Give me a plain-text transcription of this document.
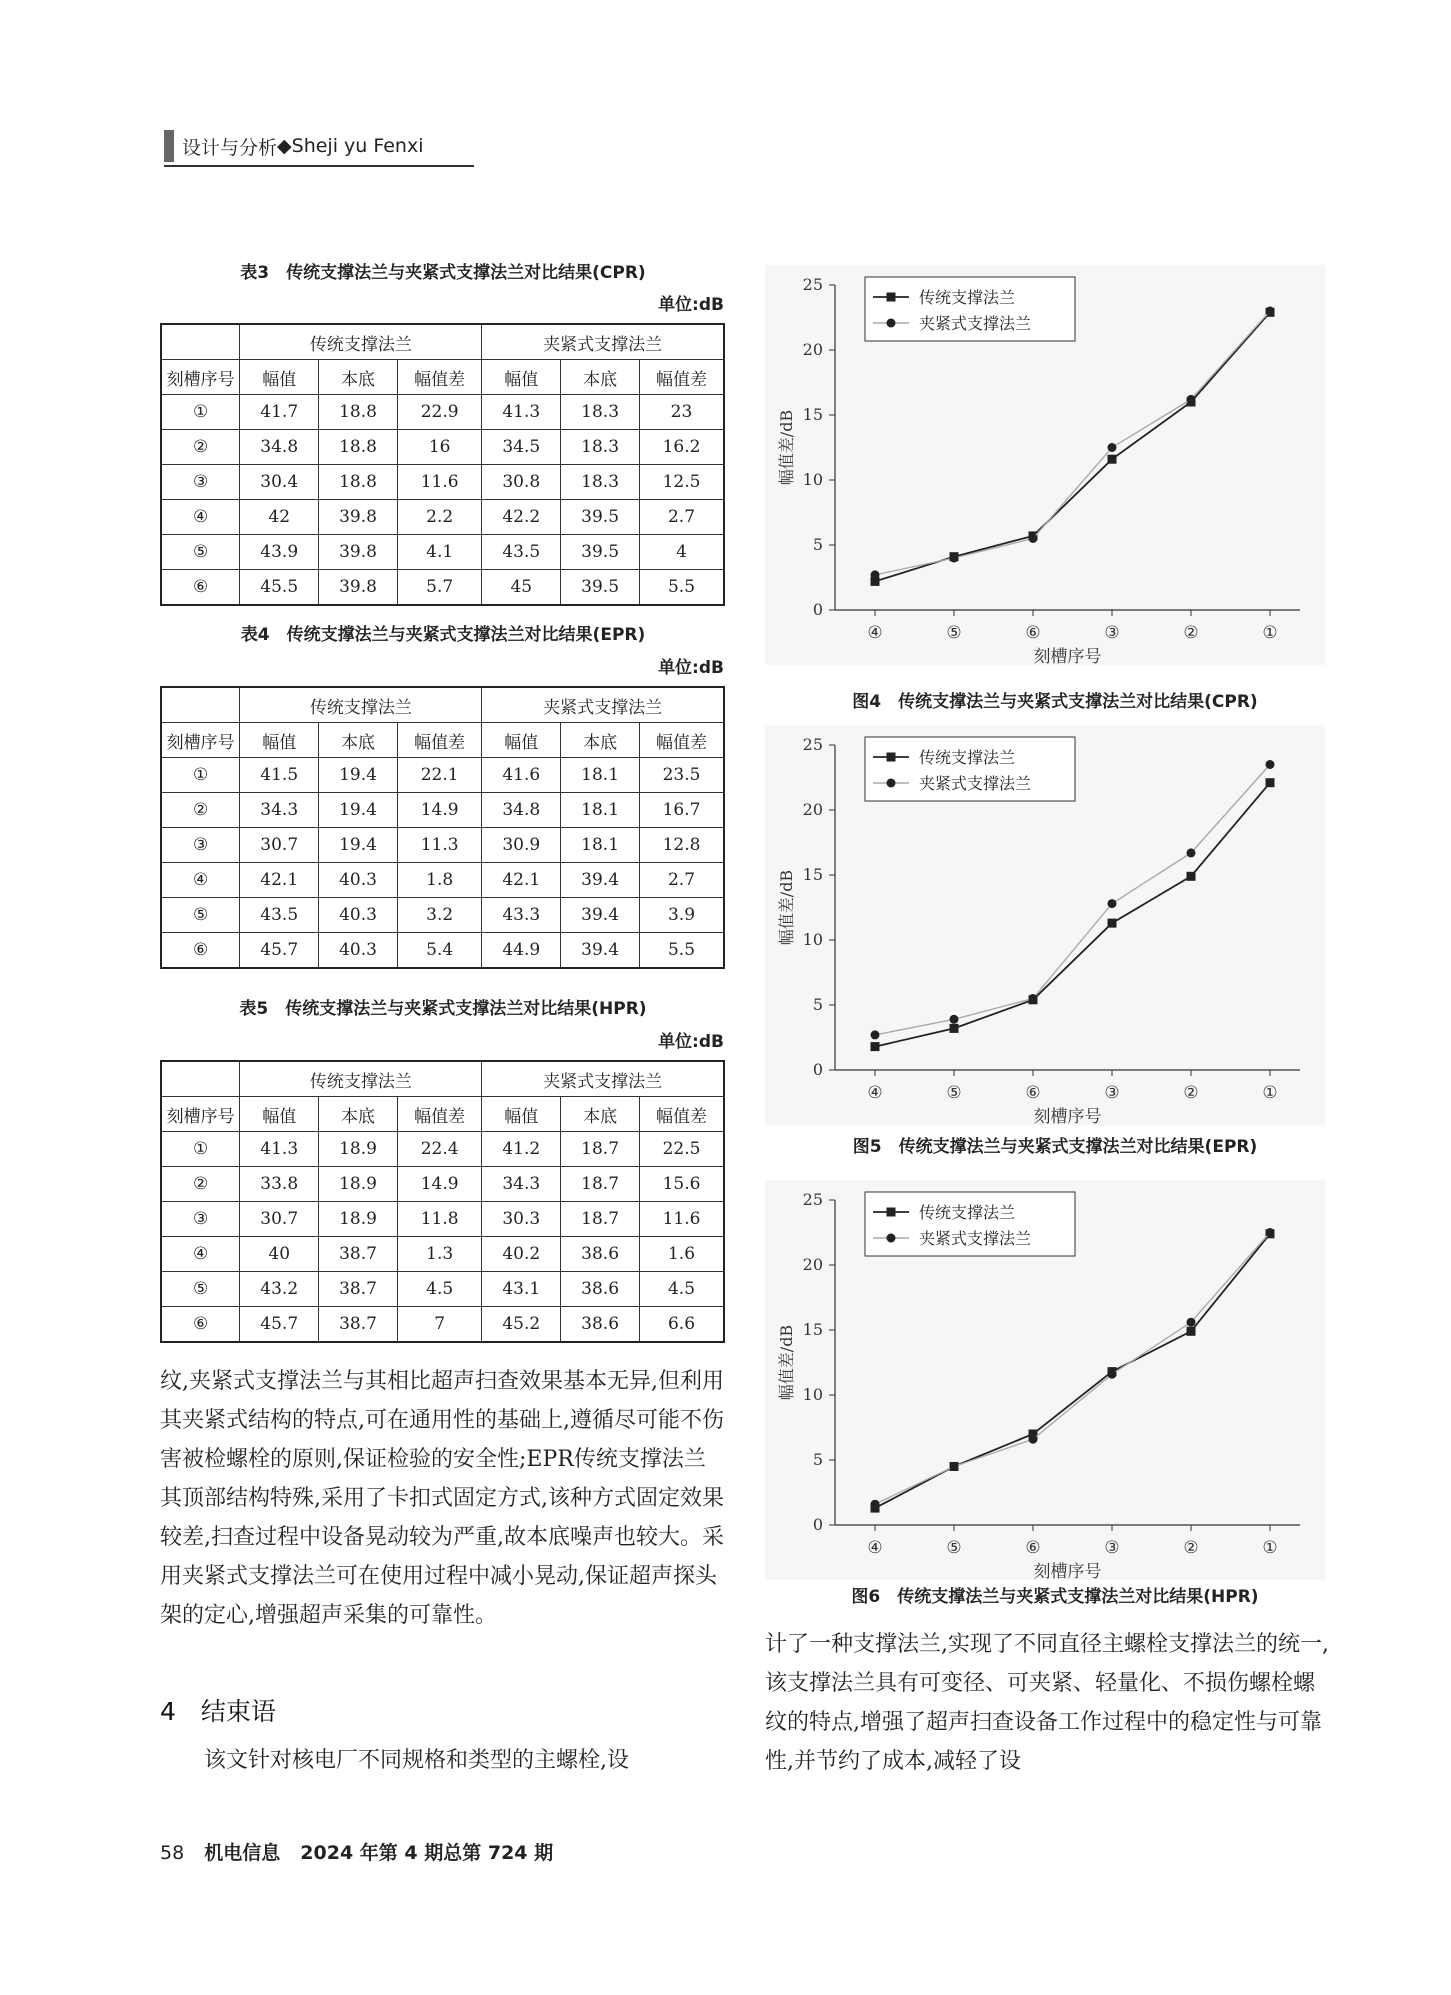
设计与分析 ◆ Sheji yu Fenxi
表3　传统支撑法兰与夹紧式支撑法兰对比结果(CPR)
单位:dB
	传统支撑法兰			夹紧式支撑法兰		
刻槽序号	幅值	本底	幅值差	幅值	本底	幅值差
①	41.7	18.8	22.9	41.3	18.3	23
②	34.8	18.8	16	34.5	18.3	16.2
③	30.4	18.8	11.6	30.8	18.3	12.5
④	42	39.8	2.2	42.2	39.5	2.7
⑤	43.9	39.8	4.1	43.5	39.5	4
⑥	45.5	39.8	5.7	45	39.5	5.5
表4　传统支撑法兰与夹紧式支撑法兰对比结果(EPR)
单位:dB
	传统支撑法兰			夹紧式支撑法兰		
刻槽序号	幅值	本底	幅值差	幅值	本底	幅值差
①	41.5	19.4	22.1	41.6	18.1	23.5
②	34.3	19.4	14.9	34.8	18.1	16.7
③	30.7	19.4	11.3	30.9	18.1	12.8
④	42.1	40.3	1.8	42.1	39.4	2.7
⑤	43.5	40.3	3.2	43.3	39.4	3.9
⑥	45.7	40.3	5.4	44.9	39.4	5.5
表5　传统支撑法兰与夹紧式支撑法兰对比结果(HPR)
单位:dB
	传统支撑法兰			夹紧式支撑法兰		
刻槽序号	幅值	本底	幅值差	幅值	本底	幅值差
①	41.3	18.9	22.4	41.2	18.7	22.5
②	33.8	18.9	14.9	34.3	18.7	15.6
③	30.7	18.9	11.8	30.3	18.7	11.6
④	40	38.7	1.3	40.2	38.6	1.6
⑤	43.2	38.7	4.5	43.1	38.6	4.5
⑥	45.7	38.7	7	45.2	38.6	6.6
纹,夹紧式支撑法兰与其相比超声扫查效果基本无异,但利用其夹紧式结构的特点,可在通用性的基础上,遵循尽可能不伤害被检螺栓的原则,保证检验的安全性;EPR传统支撑法兰其顶部结构特殊,采用了卡扣式固定方式,该种方式固定效果较差,扫查过程中设备晃动较为严重,故本底噪声也较大。采用夹紧式支撑法兰可在使用过程中减小晃动,保证超声探头架的定心,增强超声采集的可靠性。
4　结束语
　　该文针对核电厂不同规格和类型的主螺栓,设
0
5
10
15
20
25
④	⑤	⑥	③	②	①
刻槽序号
幅值差/dB
传统支撑法兰
夹紧式支撑法兰
图4　传统支撑法兰与夹紧式支撑法兰对比结果(CPR)
0
5
10
15
20
25
④	⑤	⑥	③	②	①
刻槽序号
幅值差/dB
传统支撑法兰
夹紧式支撑法兰
图5　传统支撑法兰与夹紧式支撑法兰对比结果(EPR)
0
5
10
15
20
25
④	⑤	⑥	③	②	①
刻槽序号
幅值差/dB
传统支撑法兰
夹紧式支撑法兰
图6　传统支撑法兰与夹紧式支撑法兰对比结果(HPR)
计了一种支撑法兰,实现了不同直径主螺栓支撑法兰的统一,该支撑法兰具有可变径、可夹紧、轻量化、不损伤螺栓螺纹的特点,增强了超声扫查设备工作过程中的稳定性与可靠性,并节约了成本,减轻了设
58 机电信息 2024 年第 4 期总第 724 期
